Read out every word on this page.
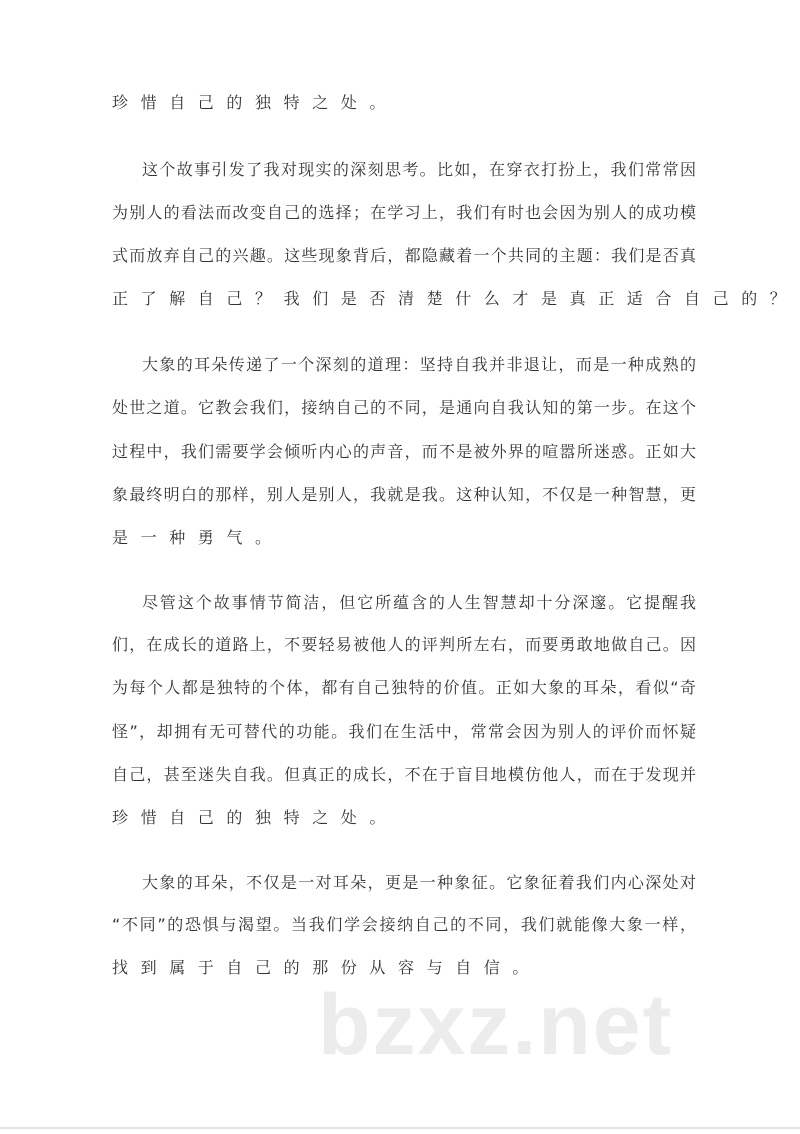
珍惜自己的独特之处。
这个故事引发了我对现实的深刻思考。比如，在穿衣打扮上，我们常常因
为别人的看法而改变自己的选择；在学习上，我们有时也会因为别人的成功模
式而放弃自己的兴趣。这些现象背后，都隐藏着一个共同的主题：我们是否真
正了解自己？我们是否清楚什么才是真正适合自己的？
大象的耳朵传递了一个深刻的道理：坚持自我并非退让，而是一种成熟的
处世之道。它教会我们，接纳自己的不同，是通向自我认知的第一步。在这个
过程中，我们需要学会倾听内心的声音，而不是被外界的喧嚣所迷惑。正如大
象最终明白的那样，别人是别人，我就是我。这种认知，不仅是一种智慧，更
是一种勇气。
尽管这个故事情节简洁，但它所蕴含的人生智慧却十分深邃。它提醒我
们，在成长的道路上，不要轻易被他人的评判所左右，而要勇敢地做自己。因
为每个人都是独特的个体，都有自己独特的价值。正如大象的耳朵，看似“奇
怪”，却拥有无可替代的功能。我们在生活中，常常会因为别人的评价而怀疑
自己，甚至迷失自我。但真正的成长，不在于盲目地模仿他人，而在于发现并
珍惜自己的独特之处。
大象的耳朵，不仅是一对耳朵，更是一种象征。它象征着我们内心深处对
“不同”的恐惧与渴望。当我们学会接纳自己的不同，我们就能像大象一样，
找到属于自己的那份从容与自信。
bzxz.net
